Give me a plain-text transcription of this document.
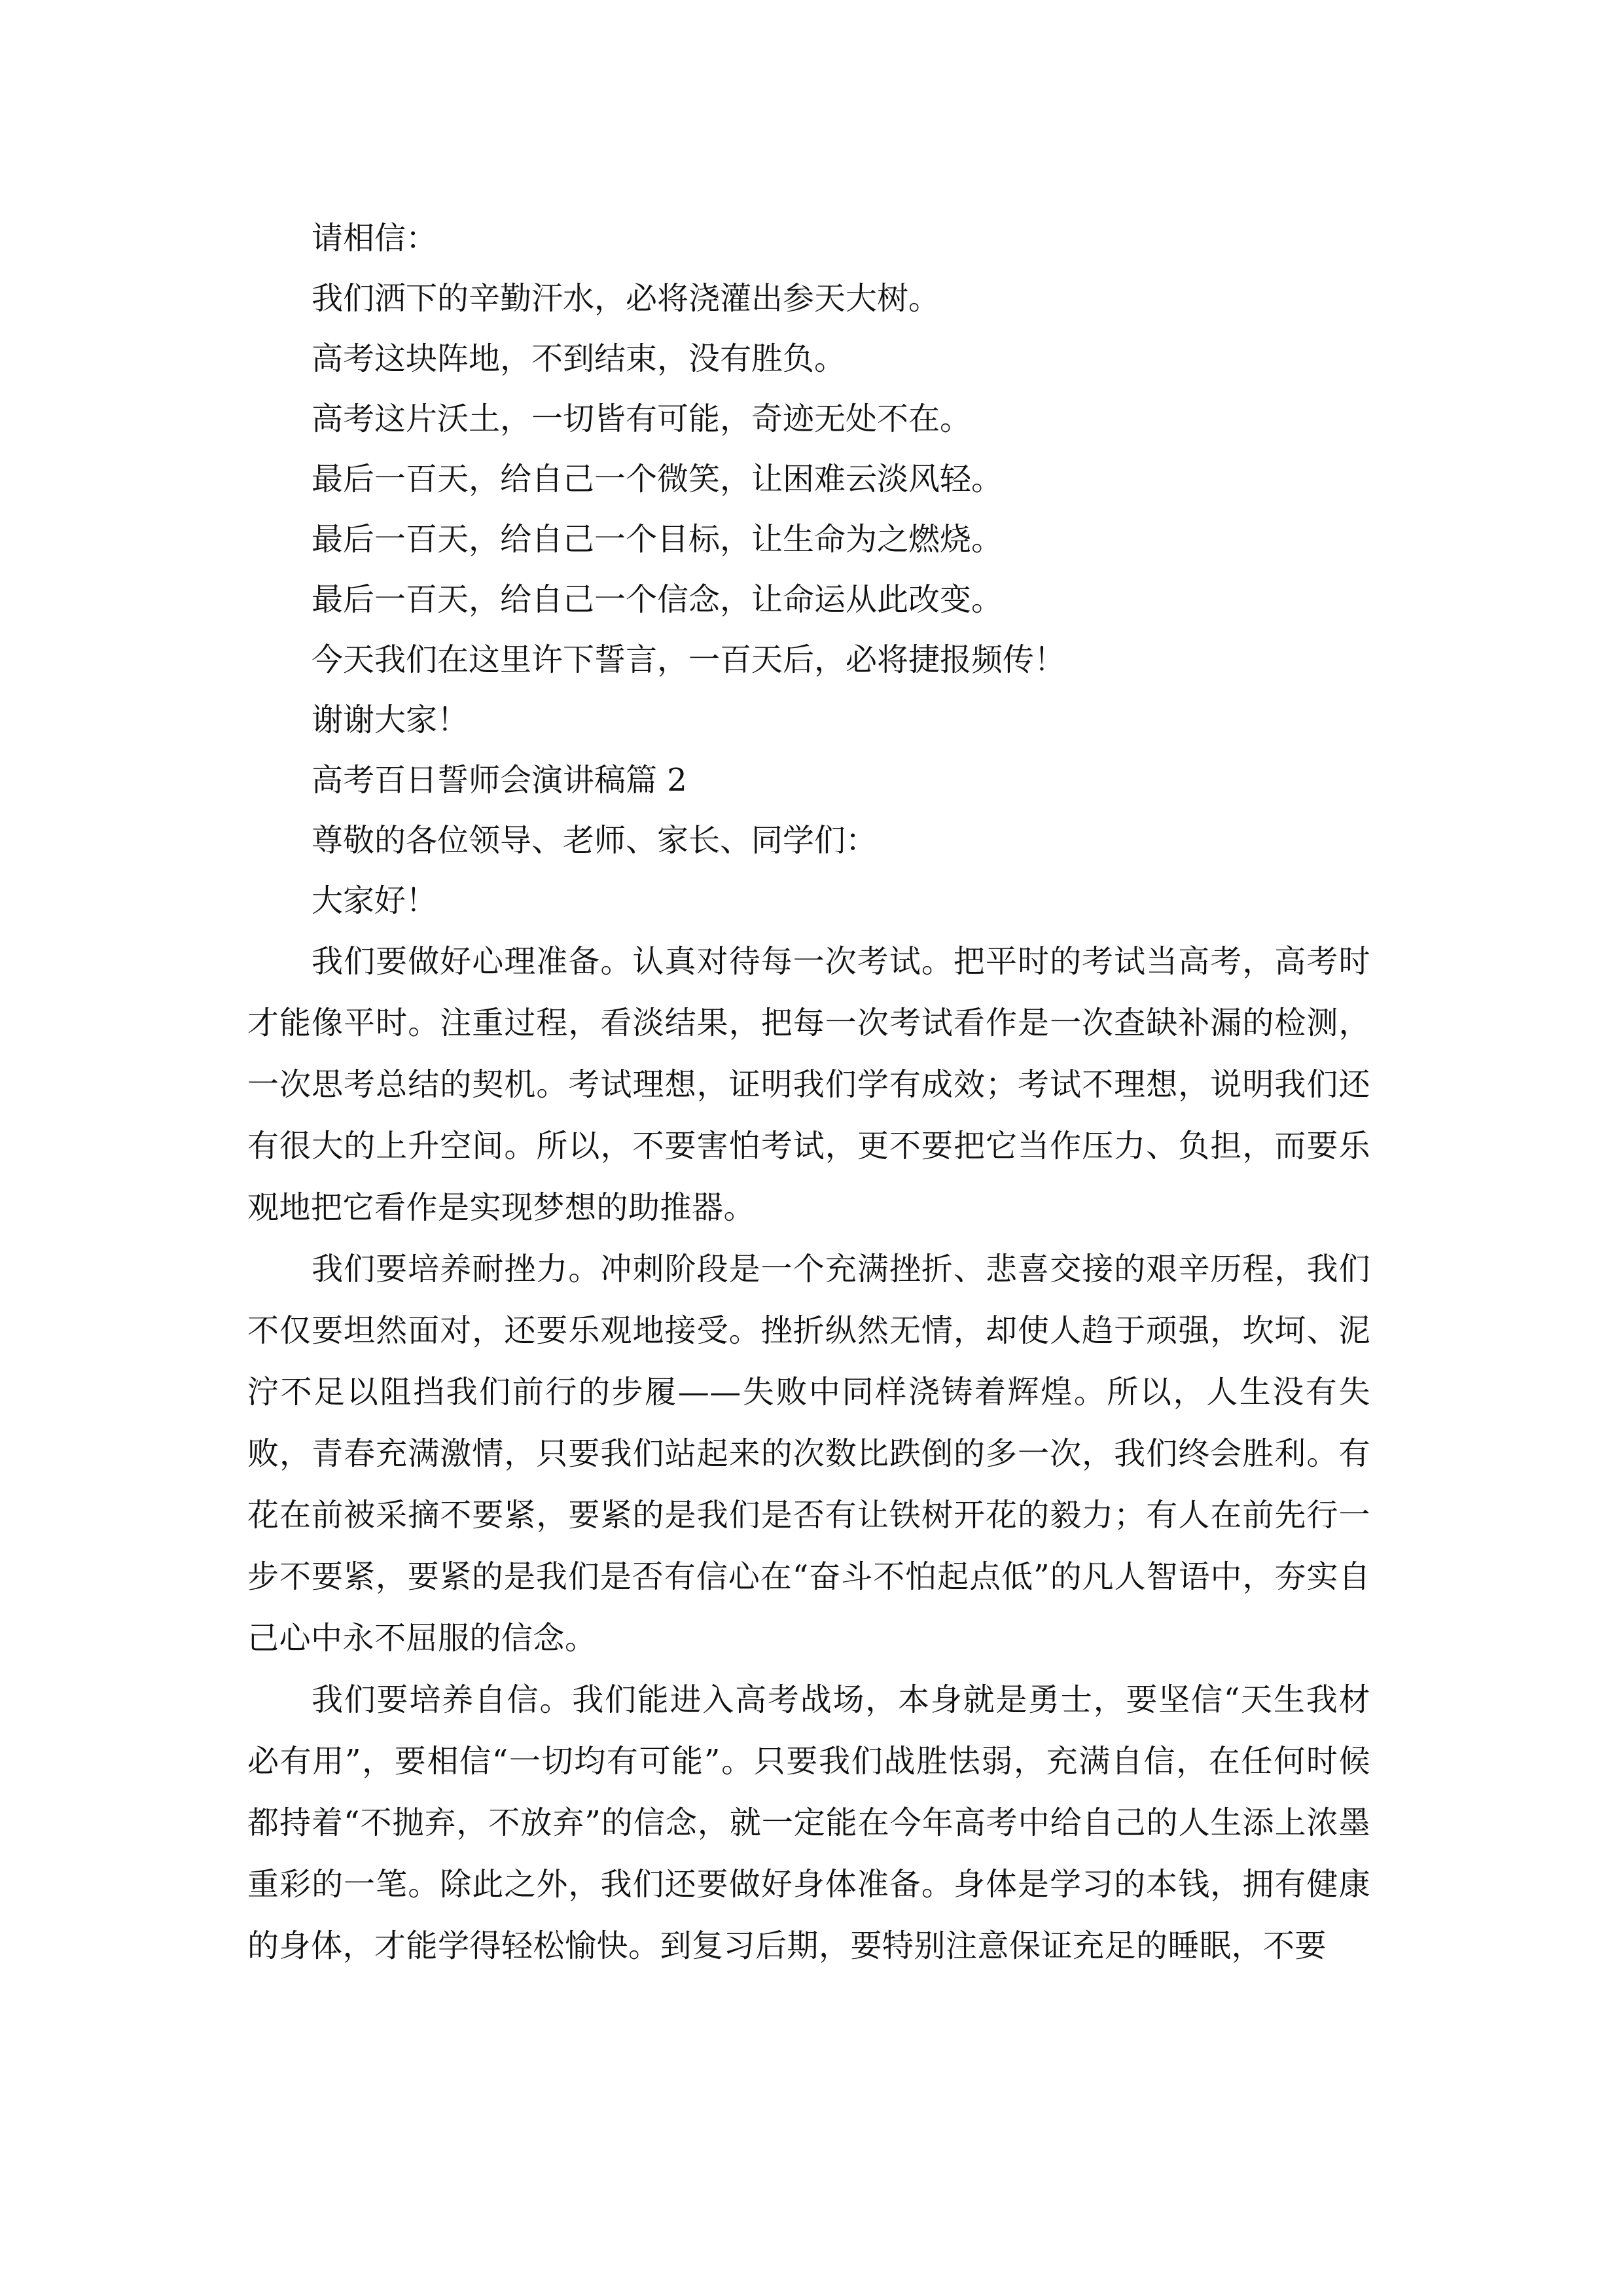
请相信：

我们洒下的辛勤汗水，必将浇灌出参天大树。

高考这块阵地，不到结束，没有胜负。

高考这片沃土，一切皆有可能，奇迹无处不在。

最后一百天，给自己一个微笑，让困难云淡风轻。

最后一百天，给自己一个目标，让生命为之燃烧。

最后一百天，给自己一个信念，让命运从此改变。

今天我们在这里许下誓言，一百天后，必将捷报频传！

谢谢大家！

高考百日誓师会演讲稿篇 2

尊敬的各位领导、老师、家长、同学们：

大家好！

我们要做好心理准备。认真对待每一次考试。把平时的考试当高考，高考时才能像平时。注重过程，看淡结果，把每一次考试看作是一次查缺补漏的检测，一次思考总结的契机。考试理想，证明我们学有成效；考试不理想，说明我们还有很大的上升空间。所以，不要害怕考试，更不要把它当作压力、负担，而要乐观地把它看作是实现梦想的助推器。

我们要培养耐挫力。冲刺阶段是一个充满挫折、悲喜交接的艰辛历程，我们不仅要坦然面对，还要乐观地接受。挫折纵然无情，却使人趋于顽强，坎坷、泥泞不足以阻挡我们前行的步履——失败中同样浇铸着辉煌。所以，人生没有失败，青春充满激情，只要我们站起来的次数比跌倒的多一次，我们终会胜利。有花在前被采摘不要紧，要紧的是我们是否有让铁树开花的毅力；有人在前先行一步不要紧，要紧的是我们是否有信心在“奋斗不怕起点低”的凡人智语中，夯实自己心中永不屈服的信念。

我们要培养自信。我们能进入高考战场，本身就是勇士，要坚信“天生我材必有用”，要相信“一切均有可能”。只要我们战胜怯弱，充满自信，在任何时候都持着“不抛弃，不放弃”的信念，就一定能在今年高考中给自己的人生添上浓墨重彩的一笔。除此之外，我们还要做好身体准备。身体是学习的本钱，拥有健康的身体，才能学得轻松愉快。到复习后期，要特别注意保证充足的睡眠，不要
